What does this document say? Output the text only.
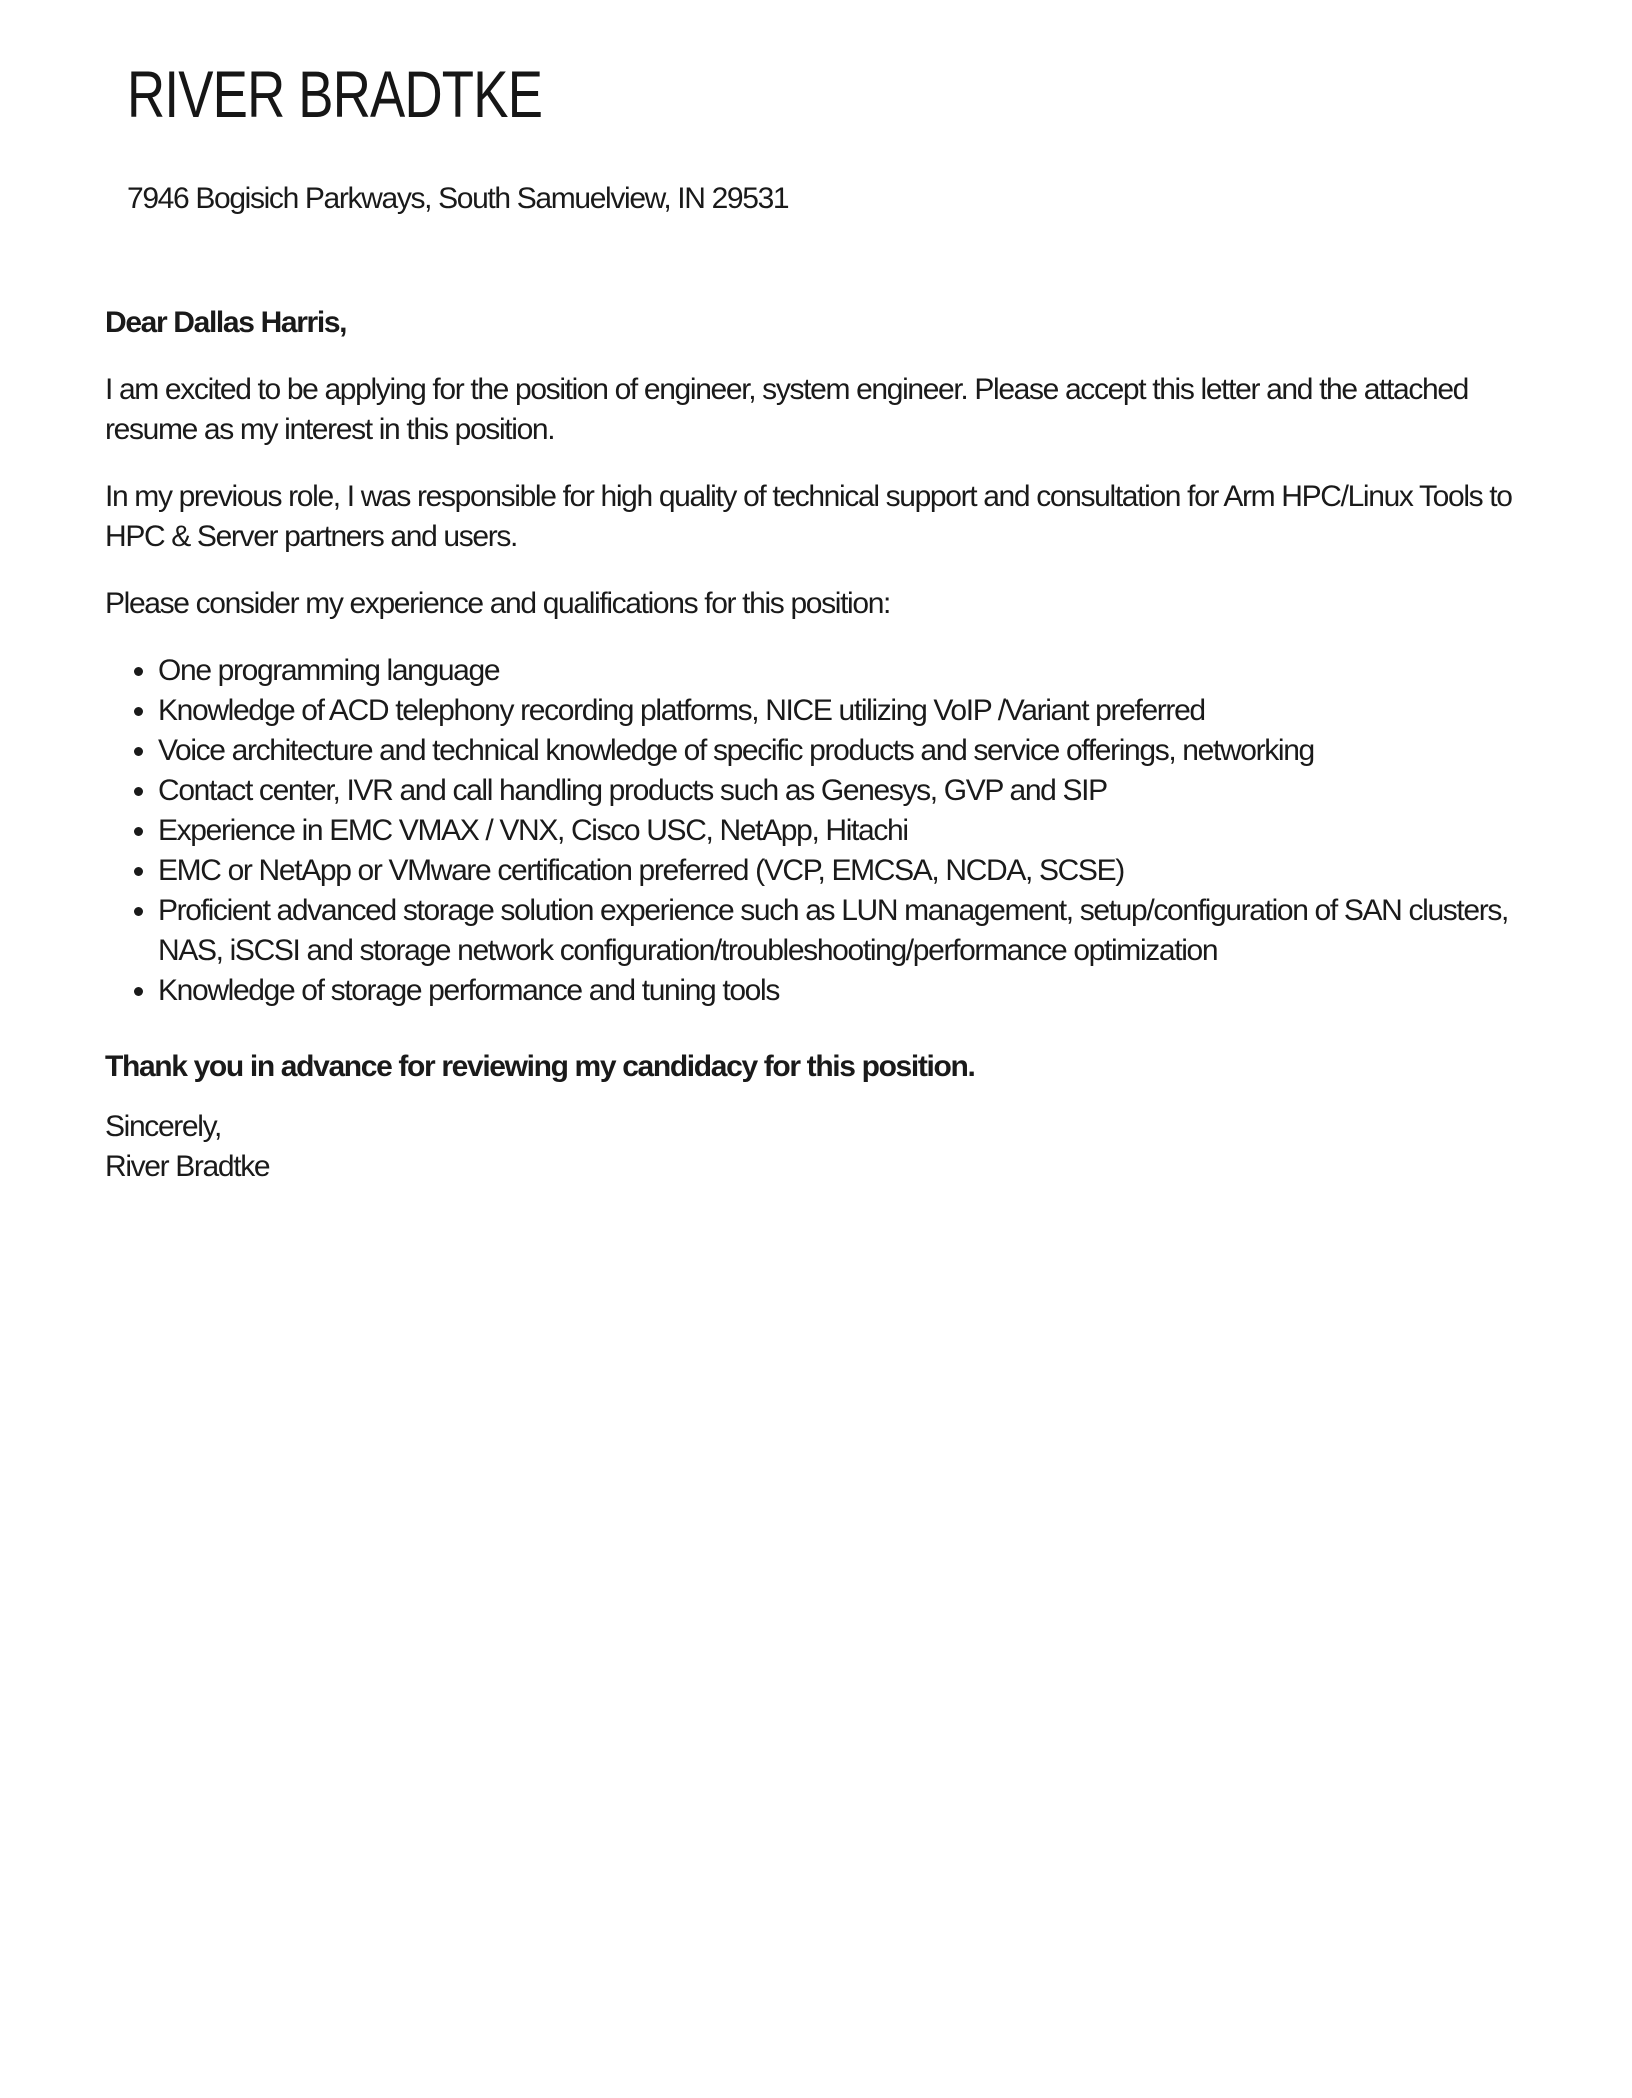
RIVER BRADTKE

7946 Bogisich Parkways, South Samuelview, IN 29531

Dear Dallas Harris,

I am excited to be applying for the position of engineer, system engineer. Please accept this letter and the attached resume as my interest in this position.

In my previous role, I was responsible for high quality of technical support and consultation for Arm HPC/Linux Tools to HPC & Server partners and users.

Please consider my experience and qualifications for this position:

• One programming language
• Knowledge of ACD telephony recording platforms, NICE utilizing VoIP /Variant preferred
• Voice architecture and technical knowledge of specific products and service offerings, networking
• Contact center, IVR and call handling products such as Genesys, GVP and SIP
• Experience in EMC VMAX / VNX, Cisco USC, NetApp, Hitachi
• EMC or NetApp or VMware certification preferred (VCP, EMCSA, NCDA, SCSE)
• Proficient advanced storage solution experience such as LUN management, setup/configuration of SAN clusters, NAS, iSCSI and storage network configuration/troubleshooting/performance optimization
• Knowledge of storage performance and tuning tools

Thank you in advance for reviewing my candidacy for this position.

Sincerely,

River Bradtke
